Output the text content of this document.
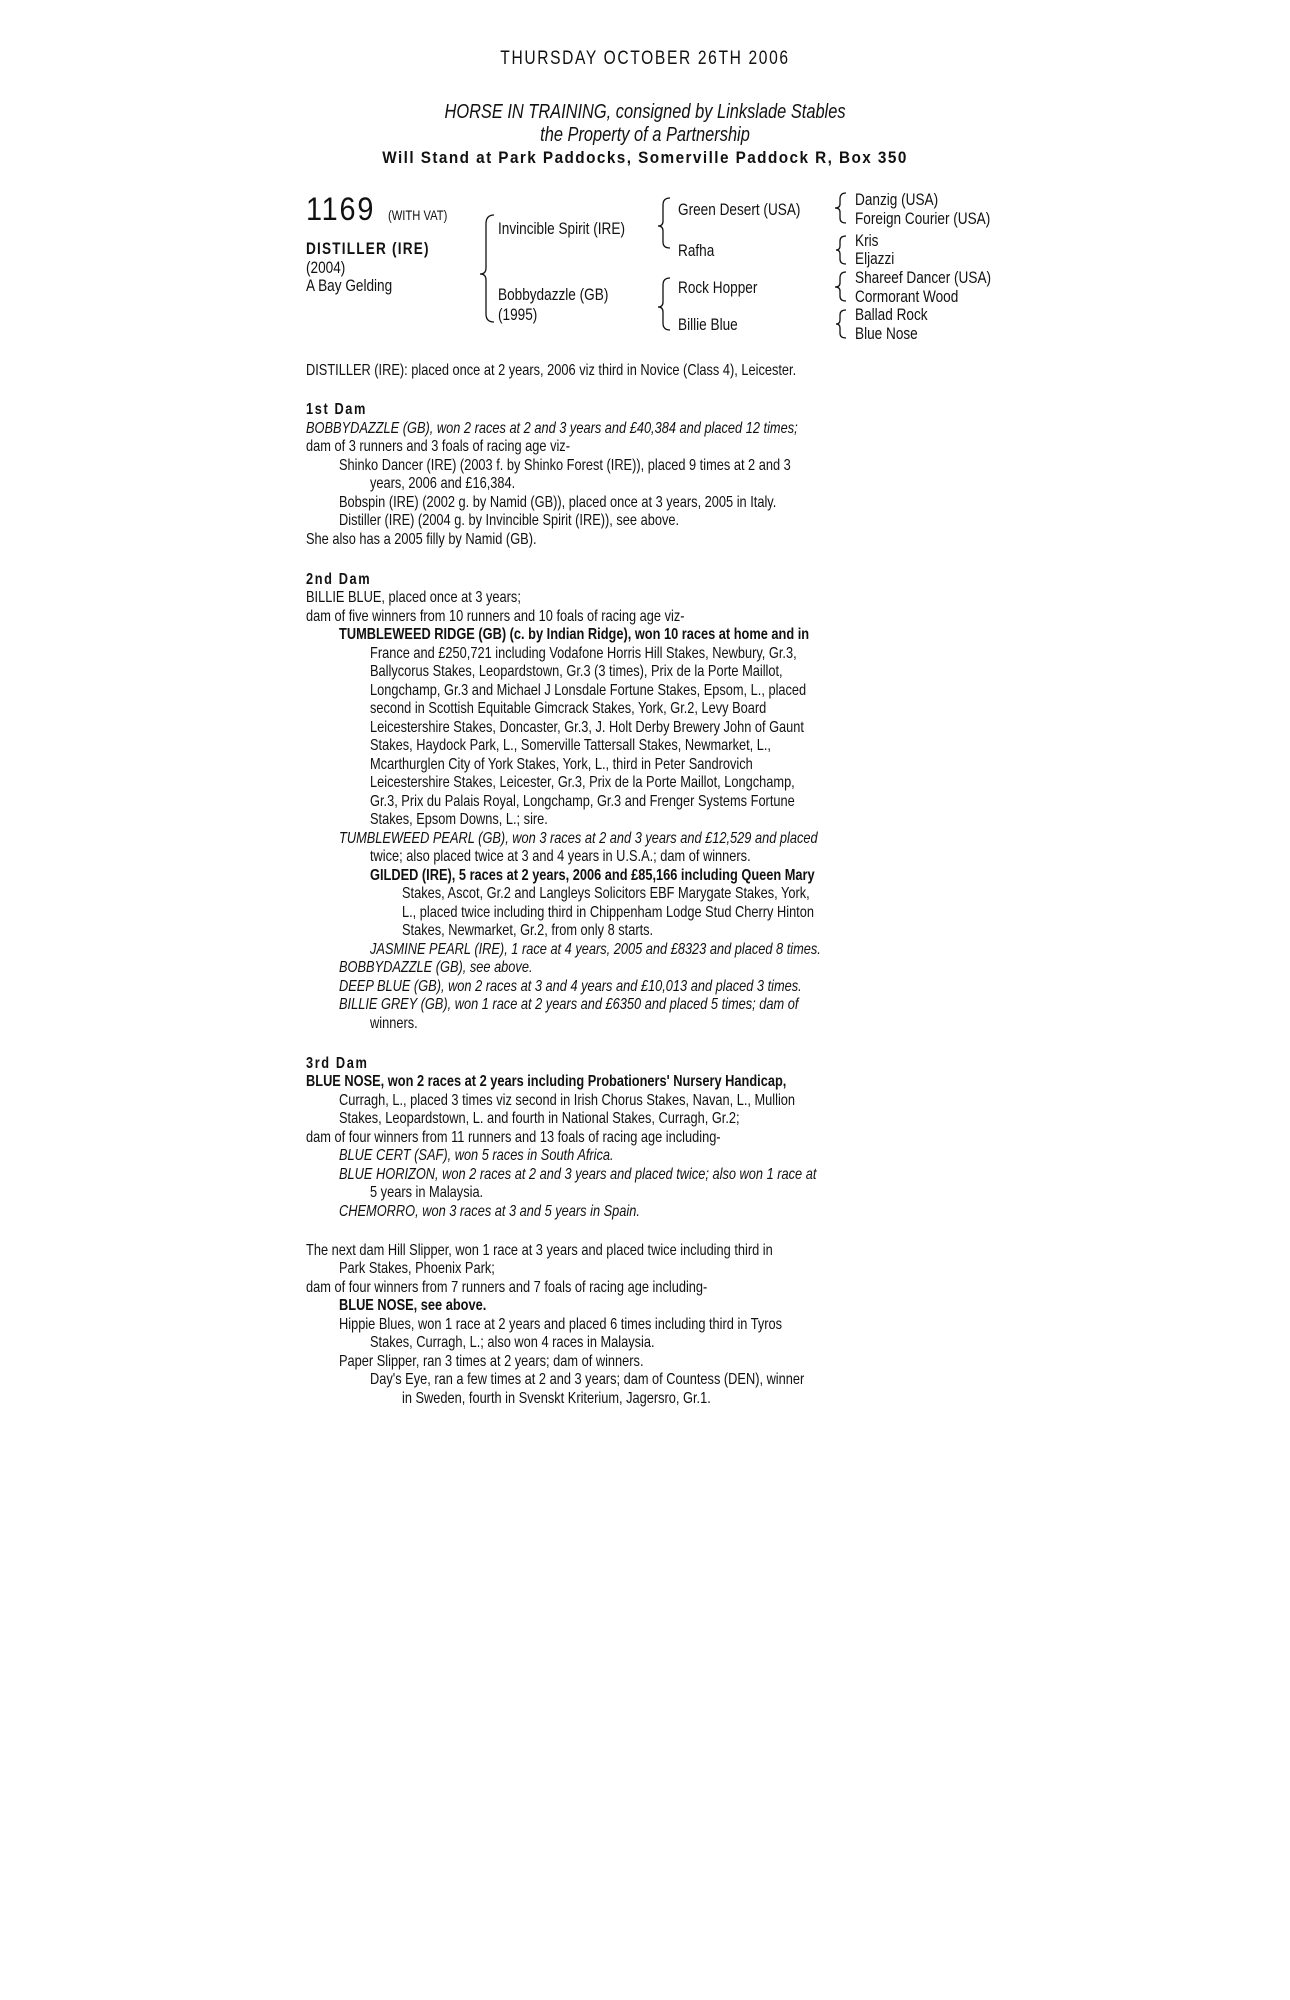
THURSDAY OCTOBER 26TH 2006
HORSE IN TRAINING, consigned by Linkslade Stables
the Property of a Partnership
Will Stand at Park Paddocks, Somerville Paddock R, Box 350
1169 (WITH VAT)
DISTILLER (IRE)
(2004)
A Bay Gelding
Invincible Spirit (IRE)
Bobbydazzle (GB)
(1995)
Green Desert (USA)
Rafha
Rock Hopper
Billie Blue
Danzig (USA)
Foreign Courier (USA)
Kris
Eljazzi
Shareef Dancer (USA)
Cormorant Wood
Ballad Rock
Blue Nose
DISTILLER (IRE): placed once at 2 years, 2006 viz third in Novice (Class 4), Leicester.
1st Dam
BOBBYDAZZLE (GB), won 2 races at 2 and 3 years and £40,384 and placed 12 times;
dam of 3 runners and 3 foals of racing age viz-
Shinko Dancer (IRE) (2003 f. by Shinko Forest (IRE)), placed 9 times at 2 and 3
years, 2006 and £16,384.
Bobspin (IRE) (2002 g. by Namid (GB)), placed once at 3 years, 2005 in Italy.
Distiller (IRE) (2004 g. by Invincible Spirit (IRE)), see above.
She also has a 2005 filly by Namid (GB).
2nd Dam
BILLIE BLUE, placed once at 3 years;
dam of five winners from 10 runners and 10 foals of racing age viz-
TUMBLEWEED RIDGE (GB) (c. by Indian Ridge), won 10 races at home and in
France and £250,721 including Vodafone Horris Hill Stakes, Newbury, Gr.3,
Ballycorus Stakes, Leopardstown, Gr.3 (3 times), Prix de la Porte Maillot,
Longchamp, Gr.3 and Michael J Lonsdale Fortune Stakes, Epsom, L., placed
second in Scottish Equitable Gimcrack Stakes, York, Gr.2, Levy Board
Leicestershire Stakes, Doncaster, Gr.3, J. Holt Derby Brewery John of Gaunt
Stakes, Haydock Park, L., Somerville Tattersall Stakes, Newmarket, L.,
Mcarthurglen City of York Stakes, York, L., third in Peter Sandrovich
Leicestershire Stakes, Leicester, Gr.3, Prix de la Porte Maillot, Longchamp,
Gr.3, Prix du Palais Royal, Longchamp, Gr.3 and Frenger Systems Fortune
Stakes, Epsom Downs, L.; sire.
TUMBLEWEED PEARL (GB), won 3 races at 2 and 3 years and £12,529 and placed
twice; also placed twice at 3 and 4 years in U.S.A.; dam of winners.
GILDED (IRE), 5 races at 2 years, 2006 and £85,166 including Queen Mary
Stakes, Ascot, Gr.2 and Langleys Solicitors EBF Marygate Stakes, York,
L., placed twice including third in Chippenham Lodge Stud Cherry Hinton
Stakes, Newmarket, Gr.2, from only 8 starts.
JASMINE PEARL (IRE), 1 race at 4 years, 2005 and £8323 and placed 8 times.
BOBBYDAZZLE (GB), see above.
DEEP BLUE (GB), won 2 races at 3 and 4 years and £10,013 and placed 3 times.
BILLIE GREY (GB), won 1 race at 2 years and £6350 and placed 5 times; dam of
winners.
3rd Dam
BLUE NOSE, won 2 races at 2 years including Probationers' Nursery Handicap,
Curragh, L., placed 3 times viz second in Irish Chorus Stakes, Navan, L., Mullion
Stakes, Leopardstown, L. and fourth in National Stakes, Curragh, Gr.2;
dam of four winners from 11 runners and 13 foals of racing age including-
BLUE CERT (SAF), won 5 races in South Africa.
BLUE HORIZON, won 2 races at 2 and 3 years and placed twice; also won 1 race at
5 years in Malaysia.
CHEMORRO, won 3 races at 3 and 5 years in Spain.
The next dam Hill Slipper, won 1 race at 3 years and placed twice including third in
Park Stakes, Phoenix Park;
dam of four winners from 7 runners and 7 foals of racing age including-
BLUE NOSE, see above.
Hippie Blues, won 1 race at 2 years and placed 6 times including third in Tyros
Stakes, Curragh, L.; also won 4 races in Malaysia.
Paper Slipper, ran 3 times at 2 years; dam of winners.
Day's Eye, ran a few times at 2 and 3 years; dam of Countess (DEN), winner
in Sweden, fourth in Svenskt Kriterium, Jagersro, Gr.1.
